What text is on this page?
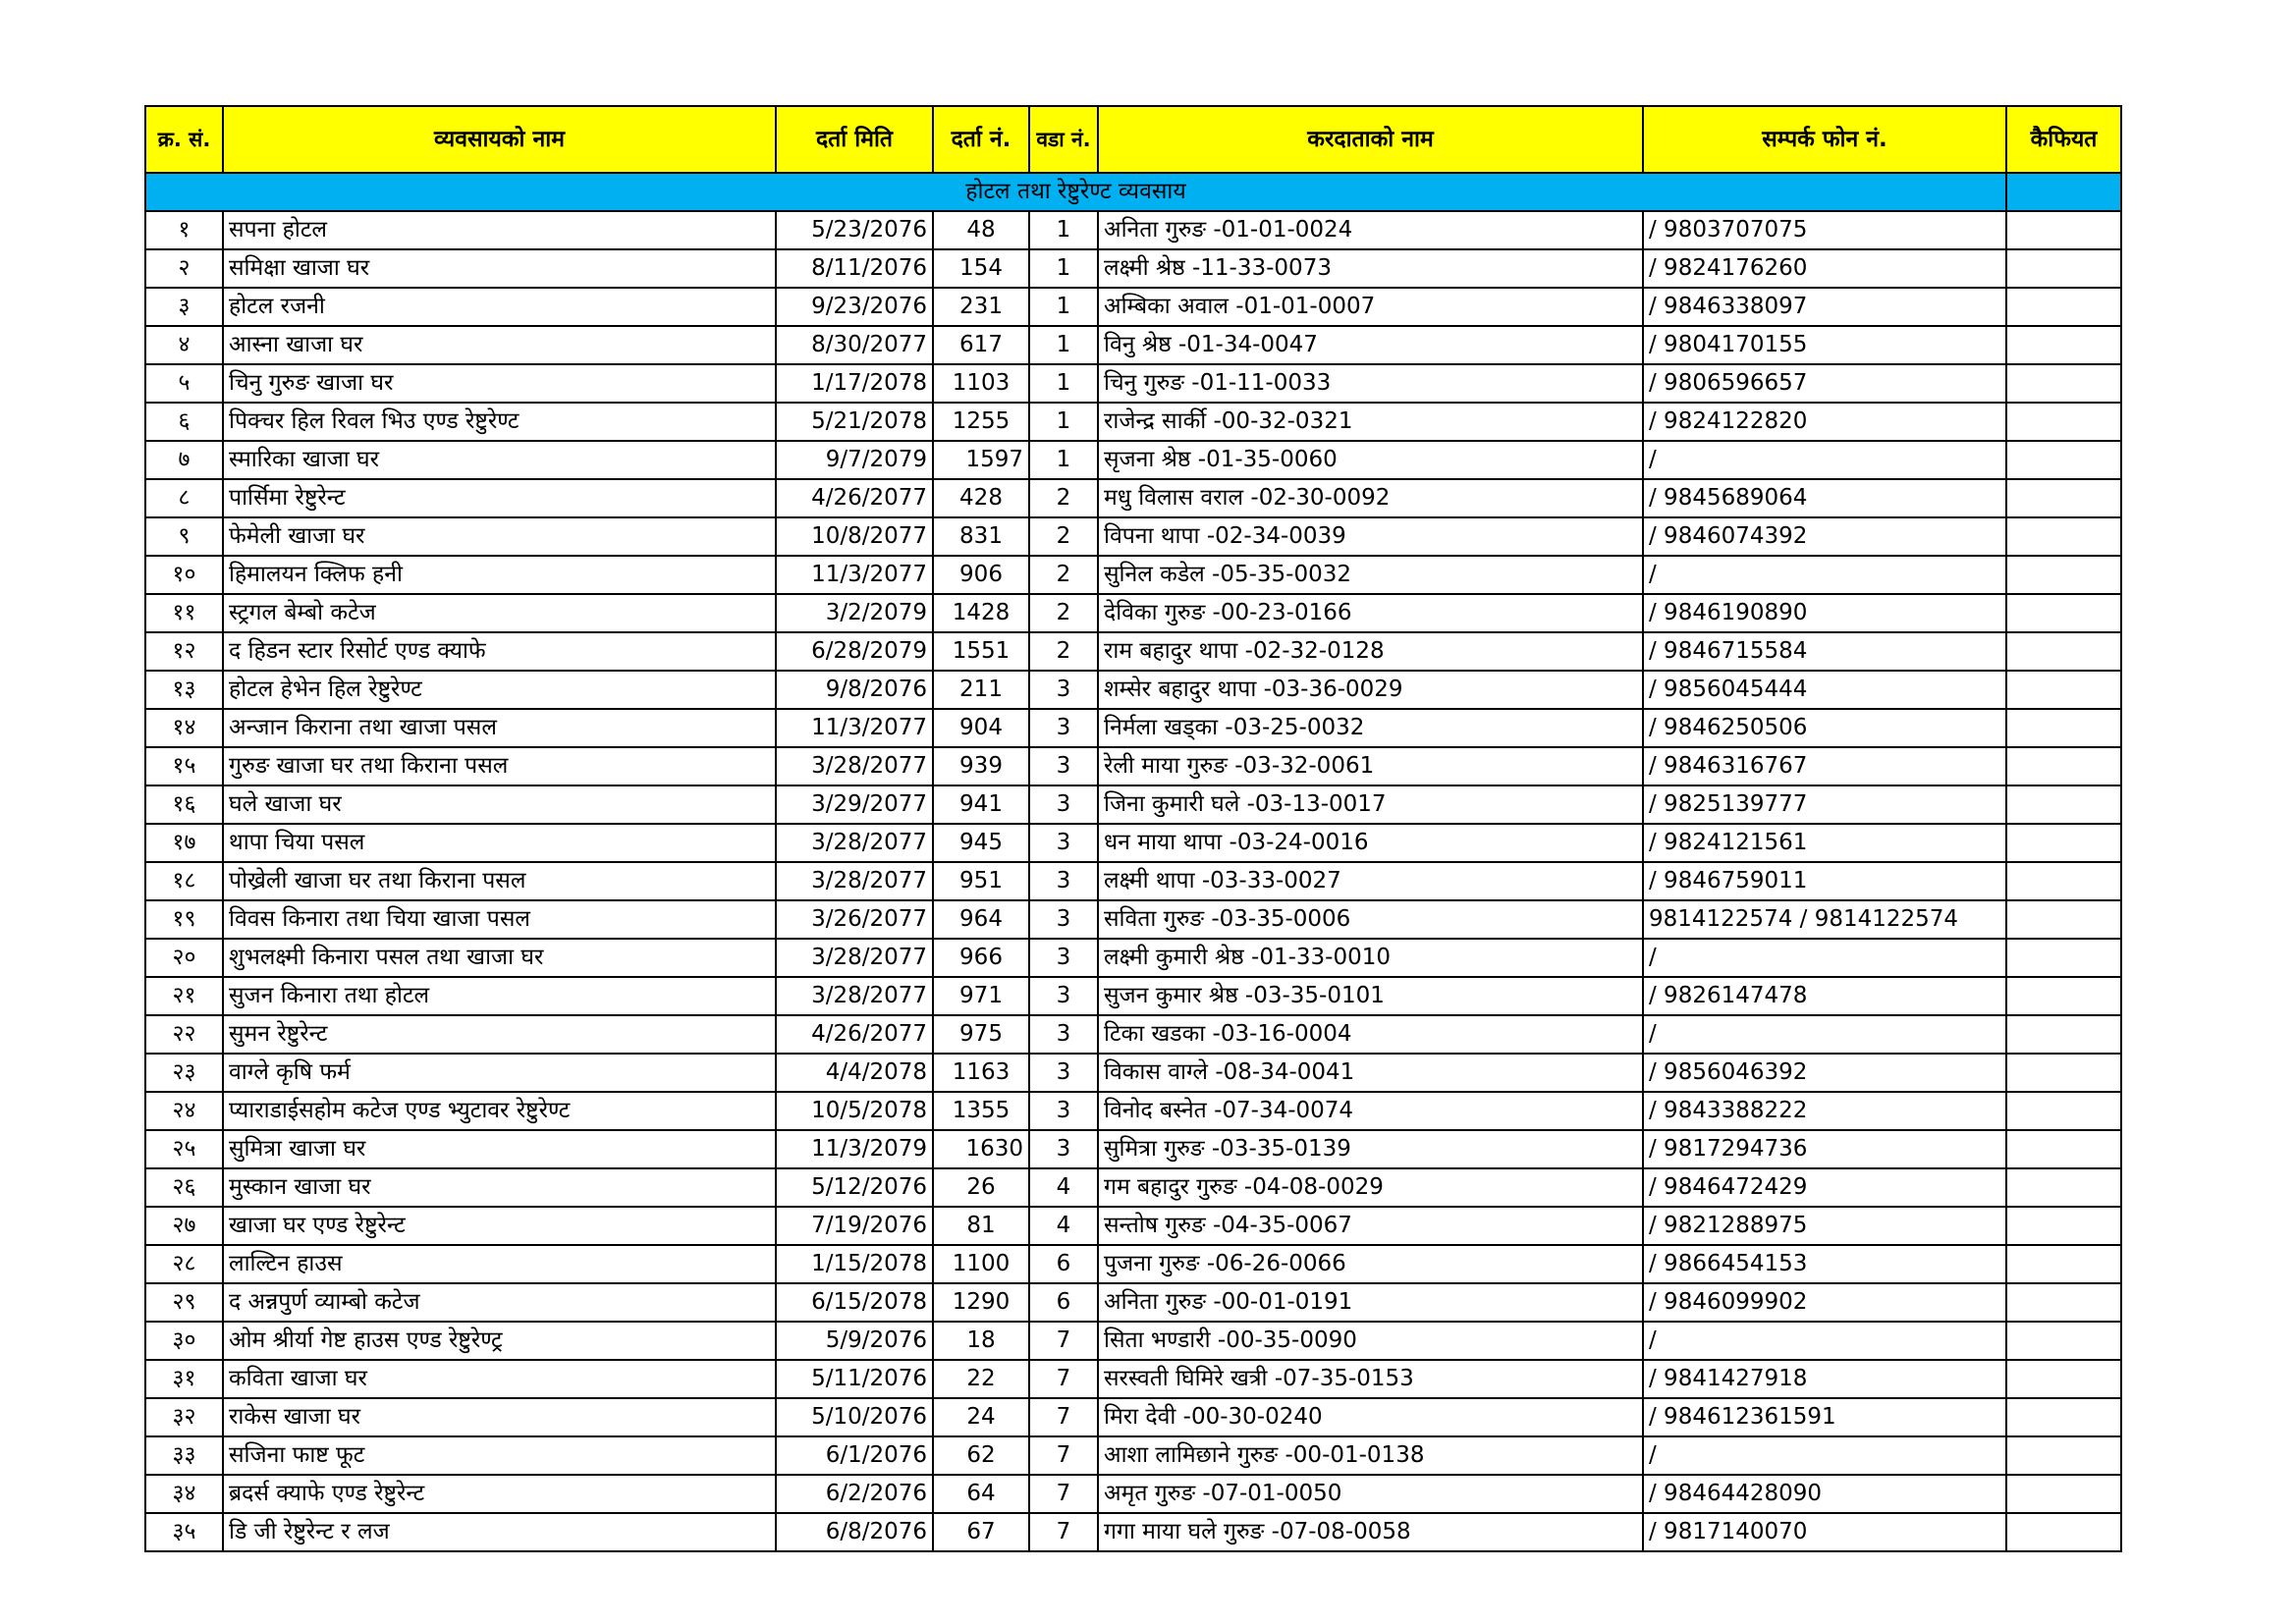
क्र. सं.	व्यवसायको नाम	दर्ता मिति	दर्ता नं.	वडा नं.	करदाताको नाम	सम्पर्क फोन नं.	कैफियत
होटल तथा रेष्टुरेण्ट व्यवसाय							
१	सपना होटल	5/23/2076	48	1	अनिता गुरुङ -01-01-0024	/ 9803707075	
२	समिक्षा खाजा घर	8/11/2076	154	1	लक्ष्मी श्रेष्ठ -11-33-0073	/ 9824176260	
३	होटल रजनी	9/23/2076	231	1	अम्बिका अवाल -01-01-0007	/ 9846338097	
४	आस्ना खाजा घर	8/30/2077	617	1	विनु श्रेष्ठ -01-34-0047	/ 9804170155	
५	चिनु गुरुङ खाजा घर	1/17/2078	1103	1	चिनु गुरुङ -01-11-0033	/ 9806596657	
६	पिक्चर हिल रिवल भिउ एण्ड रेष्टुरेण्ट	5/21/2078	1255	1	राजेन्द्र सार्की -00-32-0321	/ 9824122820	
७	स्मारिका खाजा घर	9/7/2079	1597	1	सृजना श्रेष्ठ -01-35-0060	/	
८	पार्सिमा रेष्टुरेन्ट	4/26/2077	428	2	मधु विलास वराल -02-30-0092	/ 9845689064	
९	फेमेली खाजा घर	10/8/2077	831	2	विपना थापा -02-34-0039	/ 9846074392	
१०	हिमालयन क्लिफ हनी	11/3/2077	906	2	सुनिल कडेल -05-35-0032	/	
११	स्ट्रगल बेम्बो कटेज	3/2/2079	1428	2	देविका गुरुङ -00-23-0166	/ 9846190890	
१२	द हिडन स्टार रिसोर्ट एण्ड क्याफे	6/28/2079	1551	2	राम बहादुर थापा -02-32-0128	/ 9846715584	
१३	होटल हेभेन हिल रेष्टुरेण्ट	9/8/2076	211	3	शम्सेर बहादुर थापा -03-36-0029	/ 9856045444	
१४	अन्जान किराना तथा खाजा पसल	11/3/2077	904	3	निर्मला खड्का -03-25-0032	/ 9846250506	
१५	गुरुङ खाजा घर तथा किराना पसल	3/28/2077	939	3	रेली माया गुरुङ -03-32-0061	/ 9846316767	
१६	घले खाजा घर	3/29/2077	941	3	जिना कुमारी घले -03-13-0017	/ 9825139777	
१७	थापा चिया पसल	3/28/2077	945	3	धन माया थापा -03-24-0016	/ 9824121561	
१८	पोख्रेली खाजा घर तथा किराना पसल	3/28/2077	951	3	लक्ष्मी थापा -03-33-0027	/ 9846759011	
१९	विवस किनारा तथा चिया खाजा पसल	3/26/2077	964	3	सविता गुरुङ -03-35-0006	9814122574 / 9814122574	
२०	शुभलक्ष्मी किनारा पसल तथा खाजा घर	3/28/2077	966	3	लक्ष्मी कुमारी श्रेष्ठ -01-33-0010	/	
२१	सुजन किनारा तथा होटल	3/28/2077	971	3	सुजन कुमार श्रेष्ठ -03-35-0101	/ 9826147478	
२२	सुमन रेष्टुरेन्ट	4/26/2077	975	3	टिका खडका -03-16-0004	/	
२३	वाग्ले कृषि फर्म	4/4/2078	1163	3	विकास वाग्ले -08-34-0041	/ 9856046392	
२४	प्याराडाईसहोम कटेज एण्ड भ्युटावर रेष्टुरेण्ट	10/5/2078	1355	3	विनोद बस्नेत -07-34-0074	/ 9843388222	
२५	सुमित्रा खाजा घर	11/3/2079	1630	3	सुमित्रा गुरुङ -03-35-0139	/ 9817294736	
२६	मुस्कान खाजा घर	5/12/2076	26	4	गम बहादुर गुरुङ -04-08-0029	/ 9846472429	
२७	खाजा घर एण्ड रेष्टुरेन्ट	7/19/2076	81	4	सन्तोष गुरुङ -04-35-0067	/ 9821288975	
२८	लाल्टिन हाउस	1/15/2078	1100	6	पुजना गुरुङ -06-26-0066	/ 9866454153	
२९	द अन्नपुर्ण व्याम्बो कटेज	6/15/2078	1290	6	अनिता गुरुङ -00-01-0191	/ 9846099902	
३०	ओम श्रीर्या गेष्ट हाउस एण्ड रेष्टुरेण्ट्र	5/9/2076	18	7	सिता भण्डारी -00-35-0090	/	
३१	कविता खाजा घर	5/11/2076	22	7	सरस्वती घिमिरे खत्री -07-35-0153	/ 9841427918	
३२	राकेस खाजा घर	5/10/2076	24	7	मिरा देवी -00-30-0240	/ 984612361591	
३३	सजिना फाष्ट फूट	6/1/2076	62	7	आशा लामिछाने गुरुङ -00-01-0138	/	
३४	ब्रदर्स क्याफे एण्ड रेष्टुरेन्ट	6/2/2076	64	7	अमृत गुरुङ -07-01-0050	/ 98464428090	
३५	डि जी रेष्टुरेन्ट र लज	6/8/2076	67	7	गगा माया घले गुरुङ -07-08-0058	/ 9817140070	
